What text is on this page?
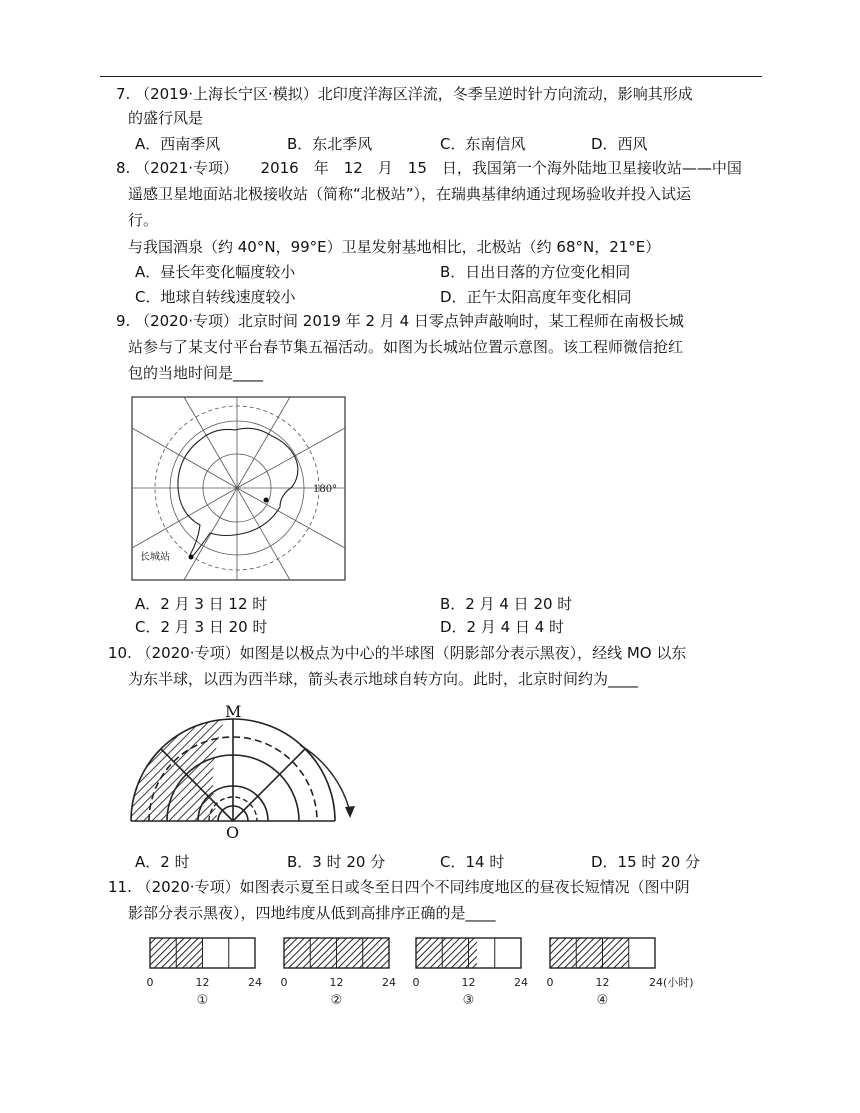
7. （2019·上海长宁区·模拟）北印度洋海区洋流，冬季呈逆时针方向流动，影响其形成
的盛行风是
A．西南季风	B．东北季风	C．东南信风	D．西风
8. （2021·专项）　　2016　年　12　月　15　日，我国第一个海外陆地卫星接收站——中国
遥感卫星地面站北极接收站（简称“北极站”），在瑞典基律纳通过现场验收并投入试运
行。
与我国酒泉（约 40°N，99°E）卫星发射基地相比，北极站（约 68°N，21°E）
A．昼长年变化幅度较小	B．日出日落的方位变化相同
C．地球自转线速度较小	D．正午太阳高度年变化相同
9. （2020·专项）北京时间 2019 年 2 月 4 日零点钟声敲响时，某工程师在南极长城
站参与了某支付平台春节集五福活动。如图为长城站位置示意图。该工程师微信抢红
包的当地时间是____
180°
长城站
A．2 月 3 日 12 时	B．2 月 4 日 20 时
C．2 月 3 日 20 时	D．2 月 4 日 4 时
10. （2020·专项）如图是以极点为中心的半球图（阴影部分表示黑夜），经线 MO 以东
为东半球，以西为西半球，箭头表示地球自转方向。此时，北京时间约为____
M
O
A．2 时	B．3 时 20 分	C．14 时	D．15 时 20 分
11. （2020·专项）如图表示夏至日或冬至日四个不同纬度地区的昼夜长短情况（图中阴
影部分表示黑夜），四地纬度从低到高排序正确的是____
0	12	24
①
0	12	24
②
0	12	24
③
0	12	24(小时)
④
